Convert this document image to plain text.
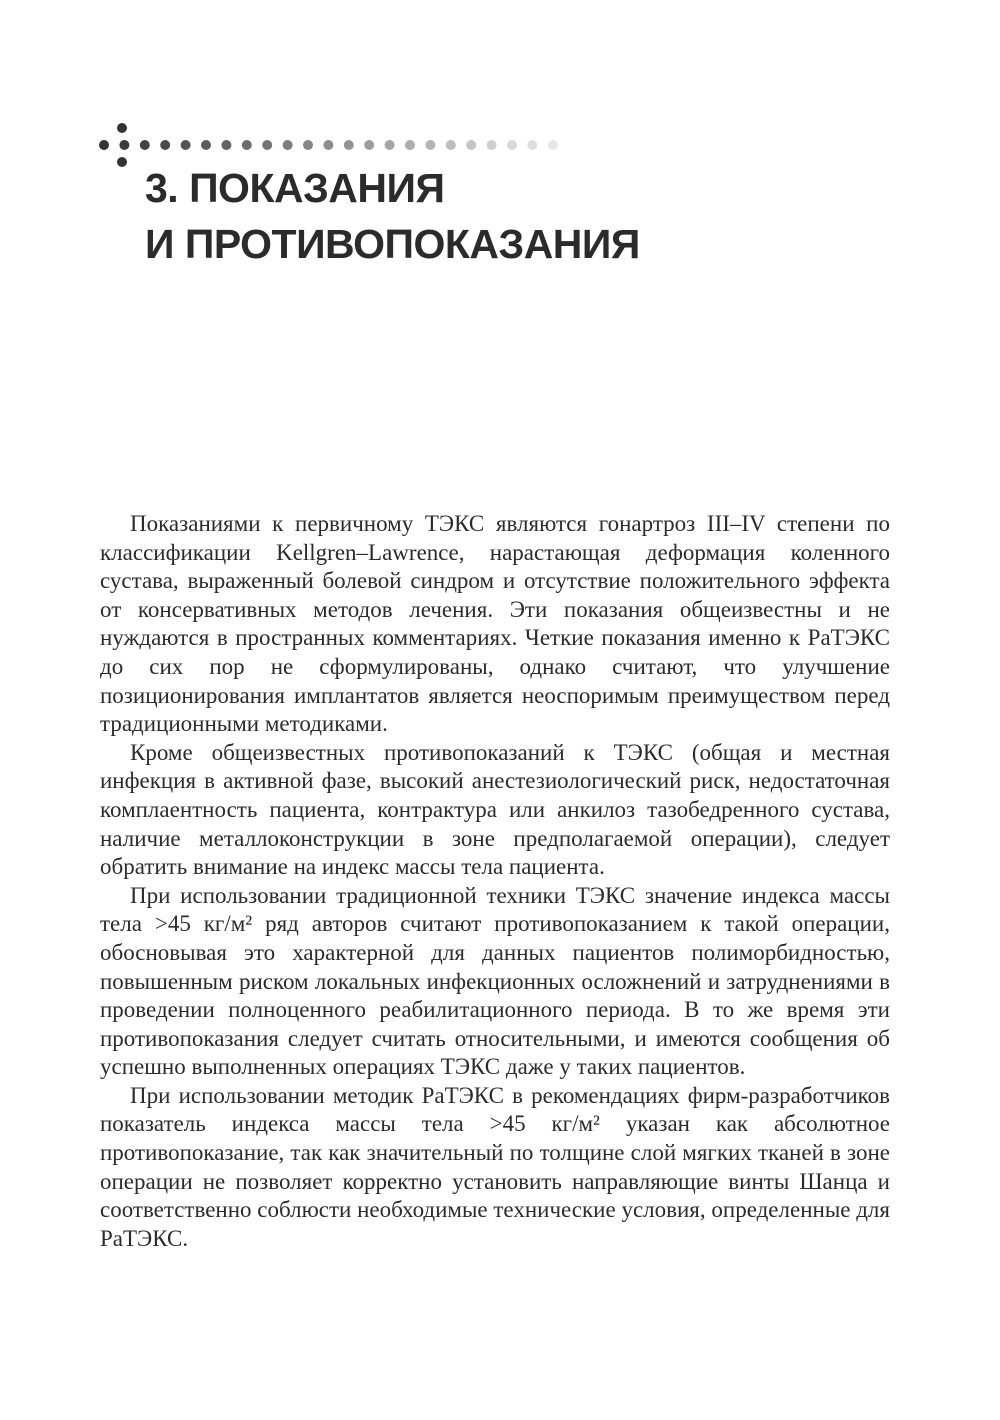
3. ПОКАЗАНИЯ
И ПРОТИВОПОКАЗАНИЯ

Показаниями к первичному ТЭКС являются гонартроз III–IV степени по классификации Kellgren–Lawrence, нарастающая деформация коленного сустава, выраженный болевой синдром и отсутствие положительного эффекта от консервативных методов лечения. Эти показания общеизвестны и не нуждаются в пространных комментариях. Четкие показания именно к РаТЭКС до сих пор не сформулированы, однако считают, что улучшение позиционирования имплантатов является неоспоримым преимуществом перед традиционными методиками.

Кроме общеизвестных противопоказаний к ТЭКС (общая и местная инфекция в активной фазе, высокий анестезиологический риск, недостаточная комплаентность пациента, контрактура или анкилоз тазобедренного сустава, наличие металлоконструкции в зоне предполагаемой операции), следует обратить внимание на индекс массы тела пациента.

При использовании традиционной техники ТЭКС значение индекса массы тела >45 кг/м² ряд авторов считают противопоказанием к такой операции, обосновывая это характерной для данных пациентов полиморбидностью, повышенным риском локальных инфекционных осложнений и затруднениями в проведении полноценного реабилитационного периода. В то же время эти противопоказания следует считать относительными, и имеются сообщения об успешно выполненных операциях ТЭКС даже у таких пациентов.

При использовании методик РаТЭКС в рекомендациях фирм-разработчиков показатель индекса массы тела >45 кг/м² указан как абсолютное противопоказание, так как значительный по толщине слой мягких тканей в зоне операции не позволяет корректно установить направляющие винты Шанца и соответственно соблюсти необходимые технические условия, определенные для РаТЭКС.
